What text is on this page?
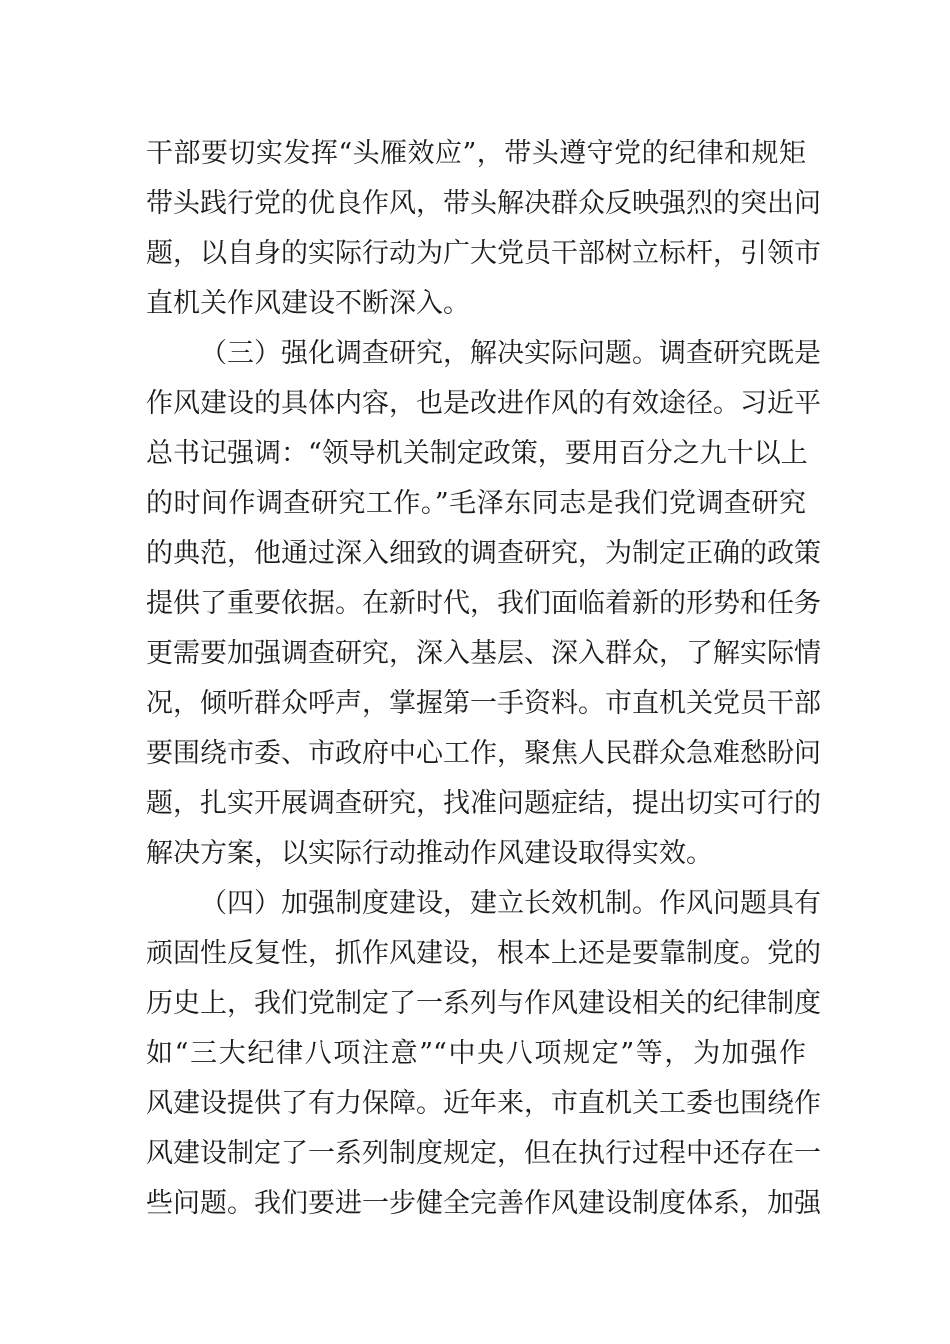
干部要切实发挥“头雁效应”，带头遵守党的纪律和规矩
带头践行党的优良作风，带头解决群众反映强烈的突出问
题，以自身的实际行动为广大党员干部树立标杆，引领市
直机关作风建设不断深入。
（三）强化调查研究，解决实际问题。调查研究既是
作风建设的具体内容，也是改进作风的有效途径。习近平
总书记强调：“领导机关制定政策，要用百分之九十以上
的时间作调查研究工作。”毛泽东同志是我们党调查研究
的典范，他通过深入细致的调查研究，为制定正确的政策
提供了重要依据。在新时代，我们面临着新的形势和任务
更需要加强调查研究，深入基层、深入群众，了解实际情
况，倾听群众呼声，掌握第一手资料。市直机关党员干部
要围绕市委、市政府中心工作，聚焦人民群众急难愁盼问
题，扎实开展调查研究，找准问题症结，提出切实可行的
解决方案，以实际行动推动作风建设取得实效。
（四）加强制度建设，建立长效机制。作风问题具有
顽固性反复性，抓作风建设，根本上还是要靠制度。党的
历史上，我们党制定了一系列与作风建设相关的纪律制度
如“三大纪律八项注意”“中央八项规定”等，为加强作
风建设提供了有力保障。近年来，市直机关工委也围绕作
风建设制定了一系列制度规定，但在执行过程中还存在一
些问题。我们要进一步健全完善作风建设制度体系，加强
